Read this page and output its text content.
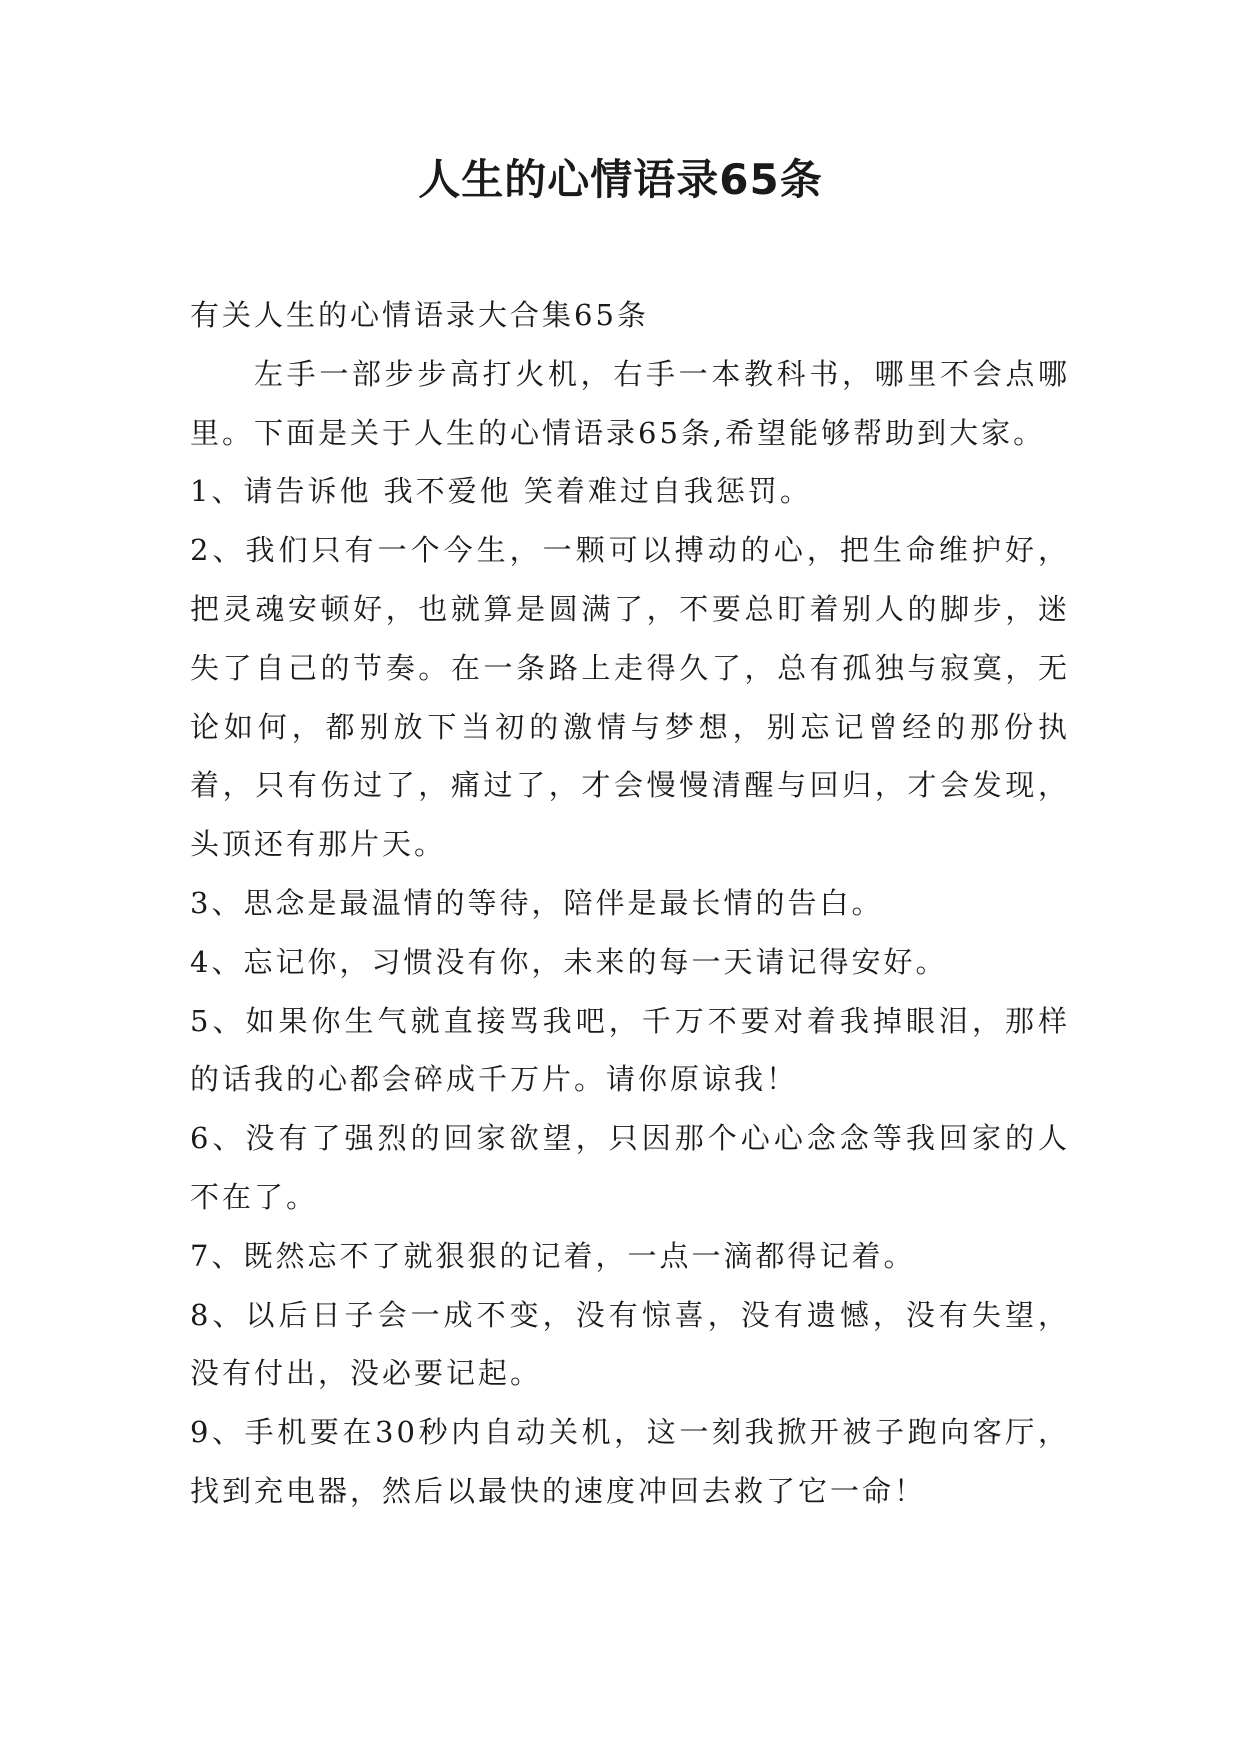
人生的心情语录65条

有关人生的心情语录大合集65条

左手一部步步高打火机，右手一本教科书，哪里不会点哪里。下面是关于人生的心情语录65条,希望能够帮助到大家。

1、请告诉他 我不爱他 笑着难过自我惩罚。

2、我们只有一个今生，一颗可以搏动的心，把生命维护好，把灵魂安顿好，也就算是圆满了，不要总盯着别人的脚步，迷失了自己的节奏。在一条路上走得久了，总有孤独与寂寞，无论如何，都别放下当初的激情与梦想，别忘记曾经的那份执着，只有伤过了，痛过了，才会慢慢清醒与回归，才会发现，头顶还有那片天。

3、思念是最温情的等待，陪伴是最长情的告白。

4、忘记你，习惯没有你，未来的每一天请记得安好。

5、如果你生气就直接骂我吧，千万不要对着我掉眼泪，那样的话我的心都会碎成千万片。请你原谅我！

6、没有了强烈的回家欲望，只因那个心心念念等我回家的人不在了。

7、既然忘不了就狠狠的记着，一点一滴都得记着。

8、以后日子会一成不变，没有惊喜，没有遗憾，没有失望，没有付出，没必要记起。

9、手机要在30秒内自动关机，这一刻我掀开被子跑向客厅，找到充电器，然后以最快的速度冲回去救了它一命！
